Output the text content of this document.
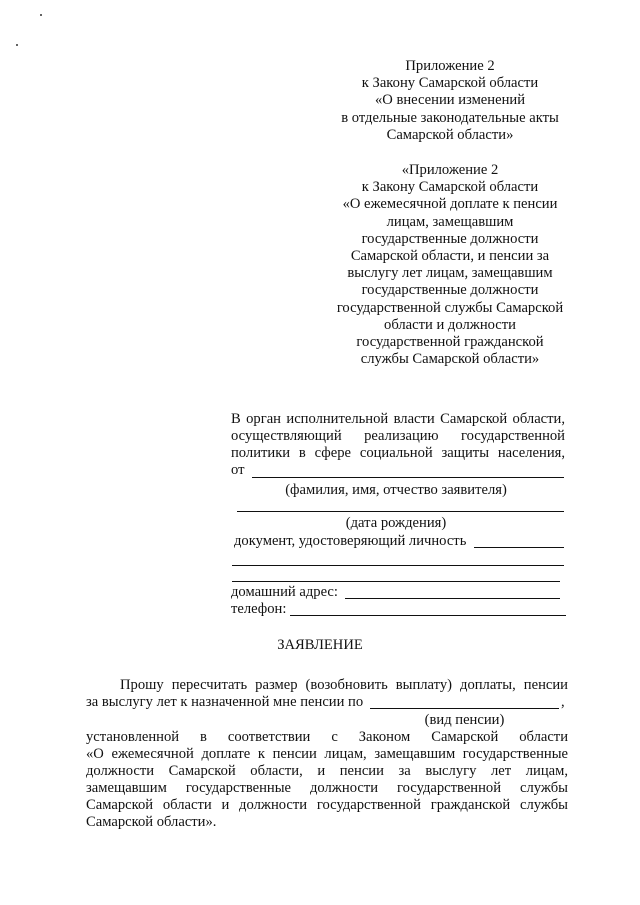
Приложение 2

к Закону Самарской области

«О внесении изменений

в отдельные законодательные акты

Самарской области»

«Приложение 2

к Закону Самарской области

«О ежемесячной доплате к пенсии

лицам, замещавшим

государственные должности

Самарской области, и пенсии за

выслугу лет лицам, замещавшим

государственные должности

государственной службы Самарской

области и должности

государственной гражданской

службы Самарской области»

В орган исполнительной власти Самарской области,
осуществляющий реализацию государственной
политики в сфере социальной защиты населения,
от
(фамилия, имя, отчество заявителя)
(дата рождения)
документ, удостоверяющий личность
домашний адрес:
телефон:
ЗАЯВЛЕНИЕ
Прошу пересчитать размер (возобновить выплату) доплаты, пенсии
за выслугу лет к назначенной мне пенсии по	,
(вид пенсии)
установленной в соответствии с Законом Самарской области
«О ежемесячной доплате к пенсии лицам, замещавшим государственные
должности Самарской области, и пенсии за выслугу лет лицам,
замещавшим государственные должности государственной службы
Самарской области и должности государственной гражданской службы
Самарской области».
